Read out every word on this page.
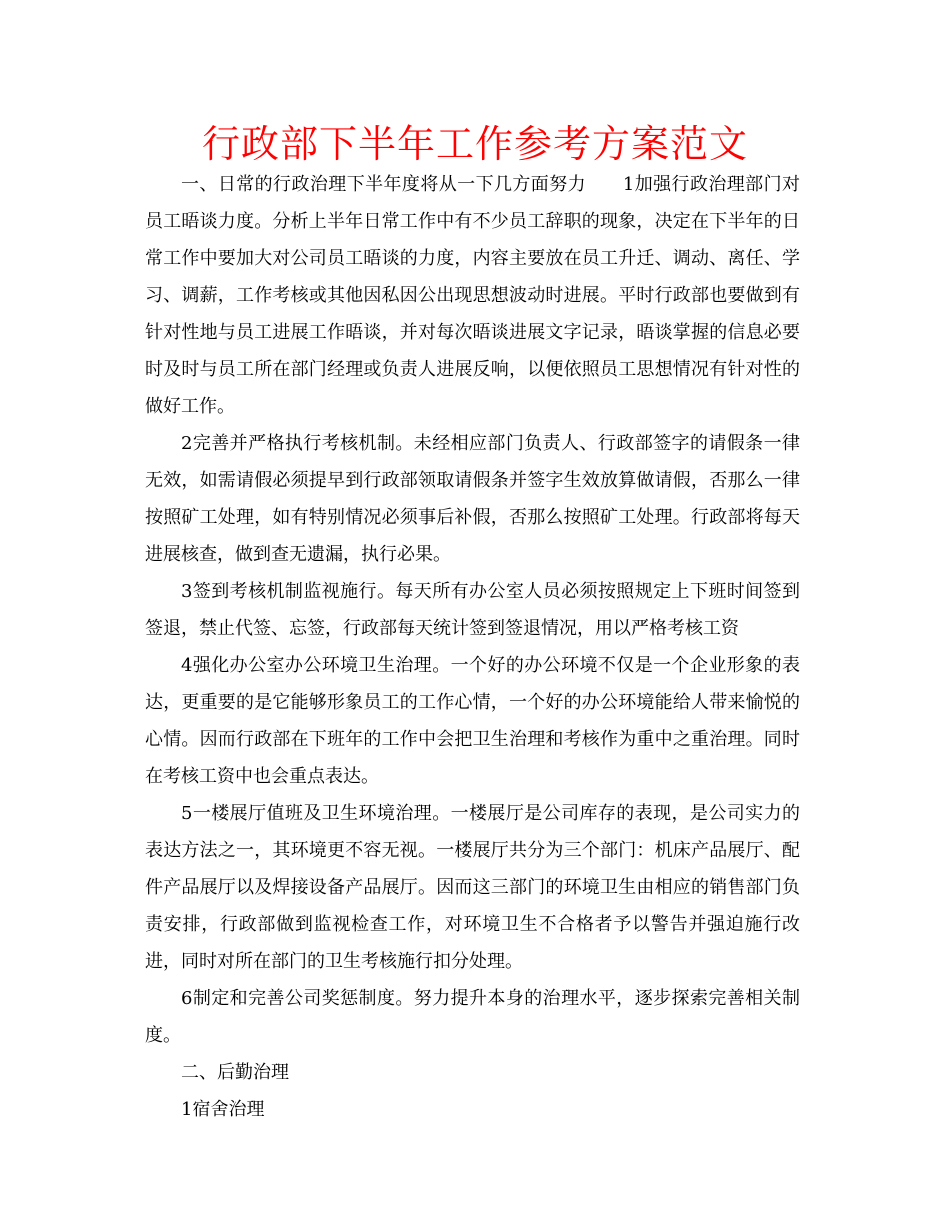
行政部下半年工作参考方案范文

一、日常的行政治理下半年度将从一下几方面努力　　1加强行政治理部门对员工晤谈力度。分析上半年日常工作中有不少员工辞职的现象，决定在下半年的日常工作中要加大对公司员工晤谈的力度，内容主要放在员工升迁、调动、离任、学习、调薪，工作考核或其他因私因公出现思想波动时进展。平时行政部也要做到有针对性地与员工进展工作晤谈，并对每次晤谈进展文字记录，晤谈掌握的信息必要时及时与员工所在部门经理或负责人进展反响，以便依照员工思想情况有针对性的做好工作。

2完善并严格执行考核机制。未经相应部门负责人、行政部签字的请假条一律无效，如需请假必须提早到行政部领取请假条并签字生效放算做请假，否那么一律按照矿工处理，如有特别情况必须事后补假，否那么按照矿工处理。行政部将每天进展核查，做到查无遗漏，执行必果。

3签到考核机制监视施行。每天所有办公室人员必须按照规定上下班时间签到签退，禁止代签、忘签，行政部每天统计签到签退情况，用以严格考核工资

4强化办公室办公环境卫生治理。一个好的办公环境不仅是一个企业形象的表达，更重要的是它能够形象员工的工作心情，一个好的办公环境能给人带来愉悦的心情。因而行政部在下班年的工作中会把卫生治理和考核作为重中之重治理。同时在考核工资中也会重点表达。

5一楼展厅值班及卫生环境治理。一楼展厅是公司库存的表现，是公司实力的表达方法之一，其环境更不容无视。一楼展厅共分为三个部门：机床产品展厅、配件产品展厅以及焊接设备产品展厅。因而这三部门的环境卫生由相应的销售部门负责安排，行政部做到监视检查工作，对环境卫生不合格者予以警告并强迫施行改进，同时对所在部门的卫生考核施行扣分处理。

6制定和完善公司奖惩制度。努力提升本身的治理水平，逐步探索完善相关制度。

二、后勤治理

1宿舍治理
